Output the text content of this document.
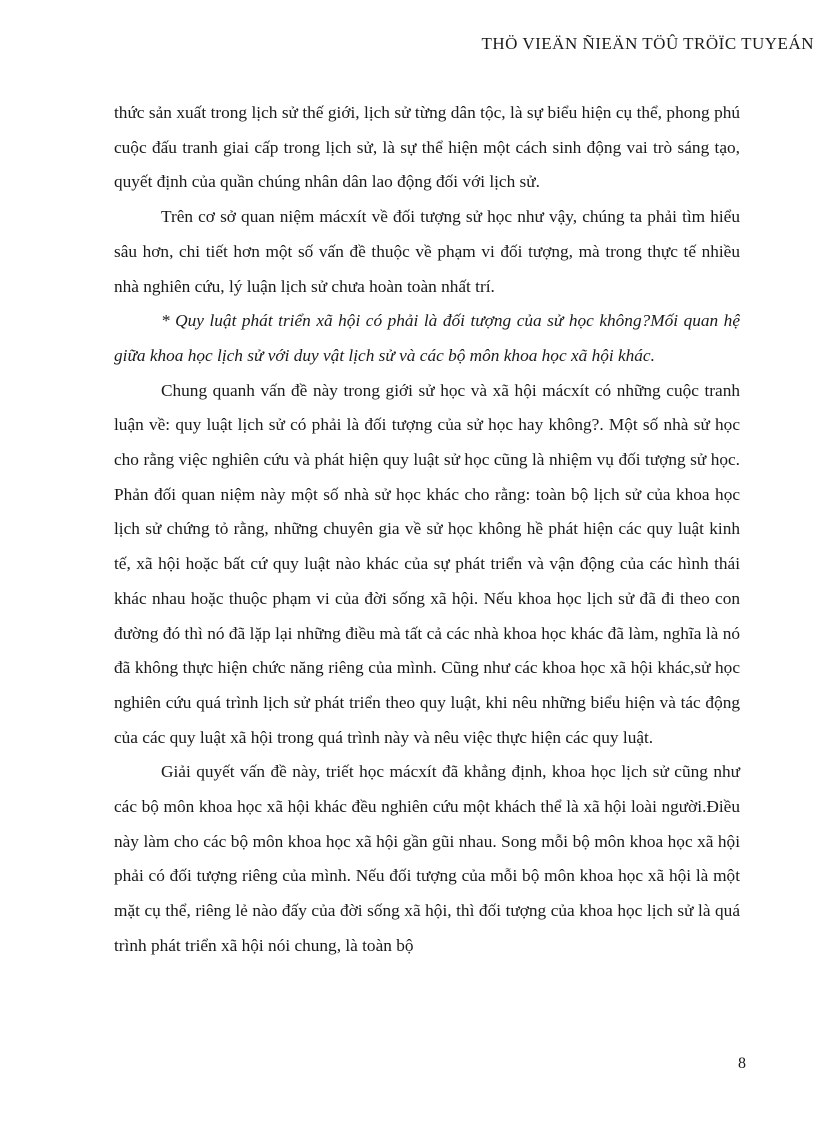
THÖ VIEÄN ÑIEÄN TÖÛ TRÖÏC TUYEÁN

thức sản xuất trong lịch sử thế giới, lịch sử từng dân tộc, là sự biểu hiện cụ thể, phong phú cuộc đấu tranh giai cấp trong lịch sử, là sự thể hiện một cách sinh động vai trò sáng tạo, quyết định của quần chúng nhân dân lao động đối với lịch sử.

Trên cơ sở quan niệm mácxít về đối tượng sử học như vậy, chúng ta phải tìm hiểu sâu hơn, chi tiết hơn một số vấn đề thuộc về phạm vi đối tượng, mà trong thực tế nhiều nhà nghiên cứu, lý luận lịch sử chưa hoàn toàn nhất trí.

* Quy luật phát triển xã hội có phải là đối tượng của sử học không?Mối quan hệ giữa khoa học lịch sử với duy vật lịch sử và các bộ môn khoa học xã hội khác.

Chung quanh vấn đề này trong giới sử học và xã hội mácxít có những cuộc tranh luận về: quy luật lịch sử có phải là đối tượng của sử học hay không?. Một số nhà sử học cho rằng việc nghiên cứu và phát hiện quy luật sử học cũng là nhiệm vụ đối tượng sử học. Phản đối quan niệm này một số nhà sử học khác cho rằng: toàn bộ lịch sử của khoa học lịch sử chứng tỏ rằng, những chuyên gia về sử học không hề phát hiện các quy luật kinh tế, xã hội hoặc bất cứ quy luật nào khác của sự phát triển và vận động của các hình thái khác nhau hoặc thuộc phạm vi của đời sống xã hội. Nếu khoa học lịch sử đã đi theo con đường đó thì nó đã lặp lại những điều mà tất cả các nhà khoa học khác đã làm, nghĩa là nó đã không thực hiện chức năng riêng của mình. Cũng như các khoa học xã hội khác,sử học nghiên cứu quá trình lịch sử phát triển theo quy luật, khi nêu những biểu hiện và tác động của các quy luật xã hội trong quá trình này và nêu việc thực hiện các quy luật.

Giải quyết vấn đề này, triết học mácxít đã khẳng định, khoa học lịch sử cũng như các bộ môn khoa học xã hội khác đều nghiên cứu một khách thể là xã hội loài người.Điều này làm cho các bộ môn khoa học xã hội gần gũi nhau. Song mỗi bộ môn khoa học xã hội phải có đối tượng riêng của mình. Nếu đối tượng của mỗi bộ môn khoa học xã hội là một mặt cụ thể, riêng lẻ nào đấy của đời sống xã hội, thì đối tượng của khoa học lịch sử là quá trình phát triển xã hội nói chung, là toàn bộ

8
